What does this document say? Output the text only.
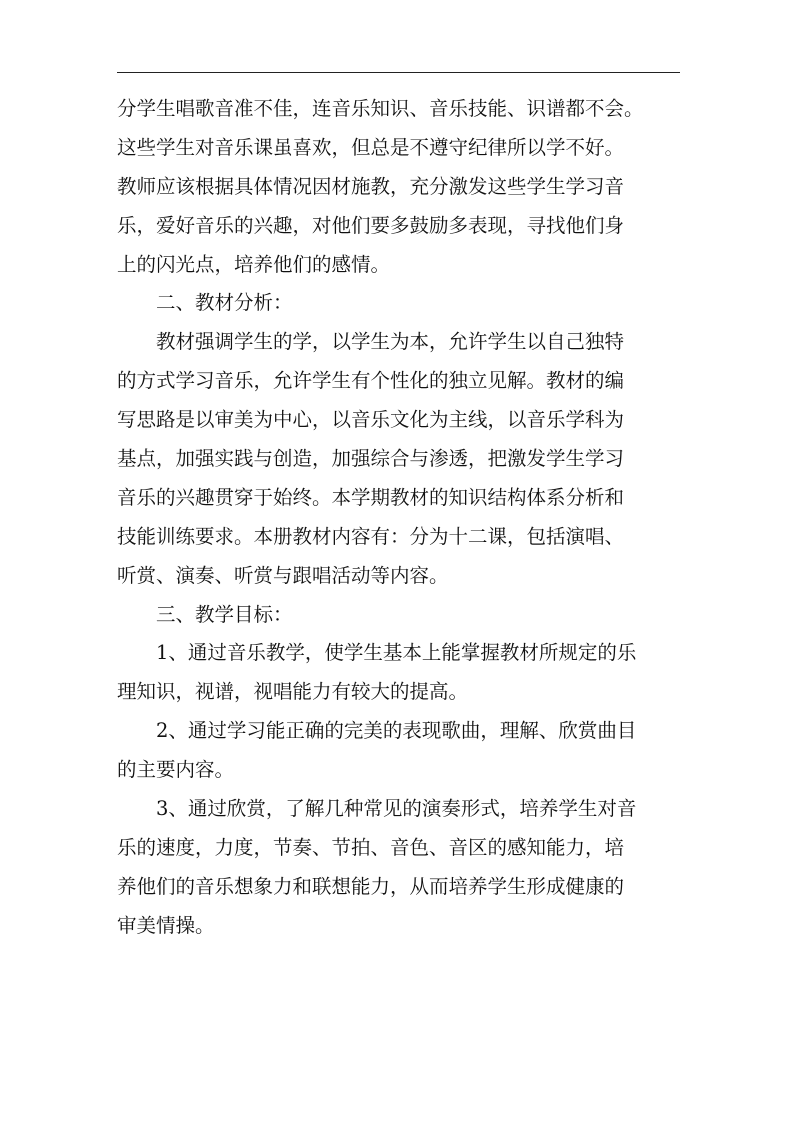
分学生唱歌音准不佳，连音乐知识、音乐技能、识谱都不会。
这些学生对音乐课虽喜欢，但总是不遵守纪律所以学不好。
教师应该根据具体情况因材施教，充分激发这些学生学习音
乐，爱好音乐的兴趣，对他们要多鼓励多表现，寻找他们身
上的闪光点，培养他们的感情。
二、教材分析：
教材强调学生的学，以学生为本，允许学生以自己独特
的方式学习音乐，允许学生有个性化的独立见解。教材的编
写思路是以审美为中心，以音乐文化为主线，以音乐学科为
基点，加强实践与创造，加强综合与渗透，把激发学生学习
音乐的兴趣贯穿于始终。本学期教材的知识结构体系分析和
技能训练要求。本册教材内容有：分为十二课，包括演唱、
听赏、演奏、听赏与跟唱活动等内容。
三、教学目标：
1、通过音乐教学，使学生基本上能掌握教材所规定的乐
理知识，视谱，视唱能力有较大的提高。
2、通过学习能正确的完美的表现歌曲，理解、欣赏曲目
的主要内容。
3、通过欣赏，了解几种常见的演奏形式，培养学生对音
乐的速度，力度，节奏、节拍、音色、音区的感知能力，培
养他们的音乐想象力和联想能力，从而培养学生形成健康的
审美情操。
